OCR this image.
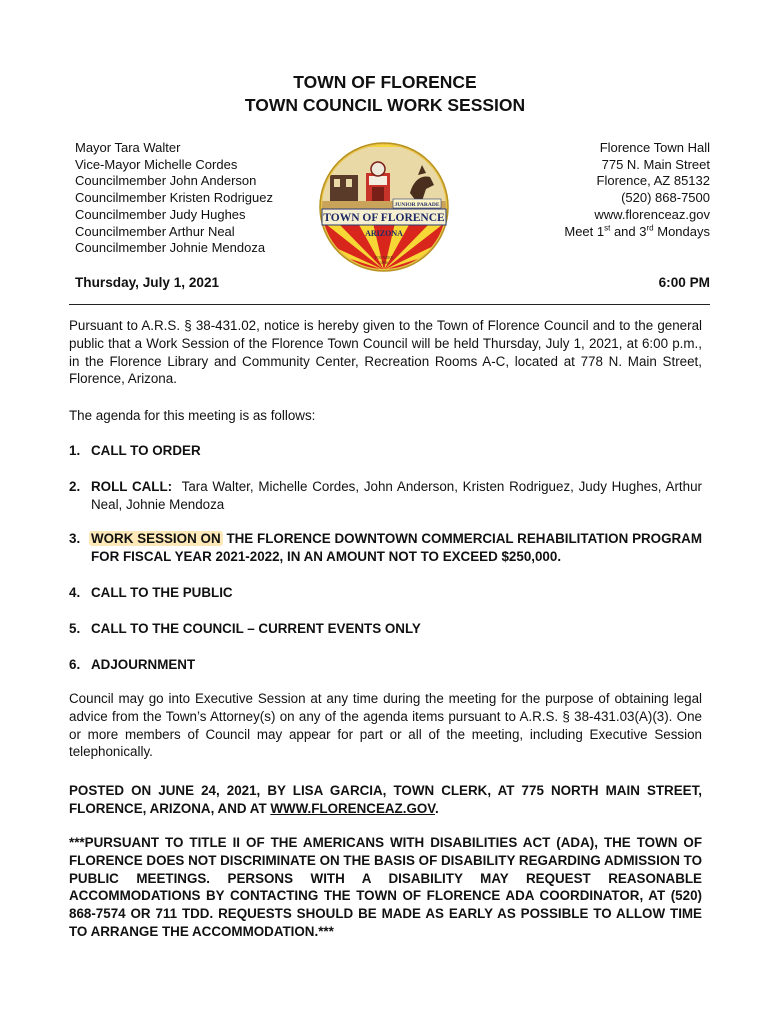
TOWN OF FLORENCE
TOWN COUNCIL WORK SESSION
Mayor Tara Walter
Vice-Mayor Michelle Cordes
Councilmember John Anderson
Councilmember Kristen Rodriguez
Councilmember Judy Hughes
Councilmember Arthur Neal
Councilmember Johnie Mendoza
TOWN OF FLORENCE
JUNIOR PARADE
ARIZONA
FOUNDED
1866
Florence Town Hall
775 N. Main Street
Florence, AZ 85132
(520) 868-7500
www.florenceaz.gov
Meet 1st and 3rd Mondays
Thursday, July 1, 2021	6:00 PM
Pursuant to A.R.S. § 38-431.02, notice is hereby given to the Town of Florence Council and to the general public that a Work Session of the Florence Town Council will be held Thursday, July 1, 2021, at 6:00 p.m., in the Florence Library and Community Center, Recreation Rooms A-C, located at 778 N. Main Street, Florence, Arizona.
The agenda for this meeting is as follows:
1. CALL TO ORDER
2. ROLL CALL: Tara Walter, Michelle Cordes, John Anderson, Kristen Rodriguez, Judy Hughes, Arthur Neal, Johnie Mendoza
3. WORK SESSION ON THE FLORENCE DOWNTOWN COMMERCIAL REHABILITATION PROGRAM FOR FISCAL YEAR 2021-2022, IN AN AMOUNT NOT TO EXCEED $250,000.
4. CALL TO THE PUBLIC
5. CALL TO THE COUNCIL – CURRENT EVENTS ONLY
6. ADJOURNMENT
Council may go into Executive Session at any time during the meeting for the purpose of obtaining legal advice from the Town’s Attorney(s) on any of the agenda items pursuant to A.R.S. § 38-431.03(A)(3). One or more members of Council may appear for part or all of the meeting, including Executive Session telephonically.
POSTED ON JUNE 24, 2021, BY LISA GARCIA, TOWN CLERK, AT 775 NORTH MAIN STREET, FLORENCE, ARIZONA, AND AT WWW.FLORENCEAZ.GOV.
***PURSUANT TO TITLE II OF THE AMERICANS WITH DISABILITIES ACT (ADA), THE TOWN OF FLORENCE DOES NOT DISCRIMINATE ON THE BASIS OF DISABILITY REGARDING ADMISSION TO PUBLIC MEETINGS. PERSONS WITH A DISABILITY MAY REQUEST REASONABLE ACCOMMODATIONS BY CONTACTING THE TOWN OF FLORENCE ADA COORDINATOR, AT (520) 868-7574 OR 711 TDD. REQUESTS SHOULD BE MADE AS EARLY AS POSSIBLE TO ALLOW TIME TO ARRANGE THE ACCOMMODATION.***
